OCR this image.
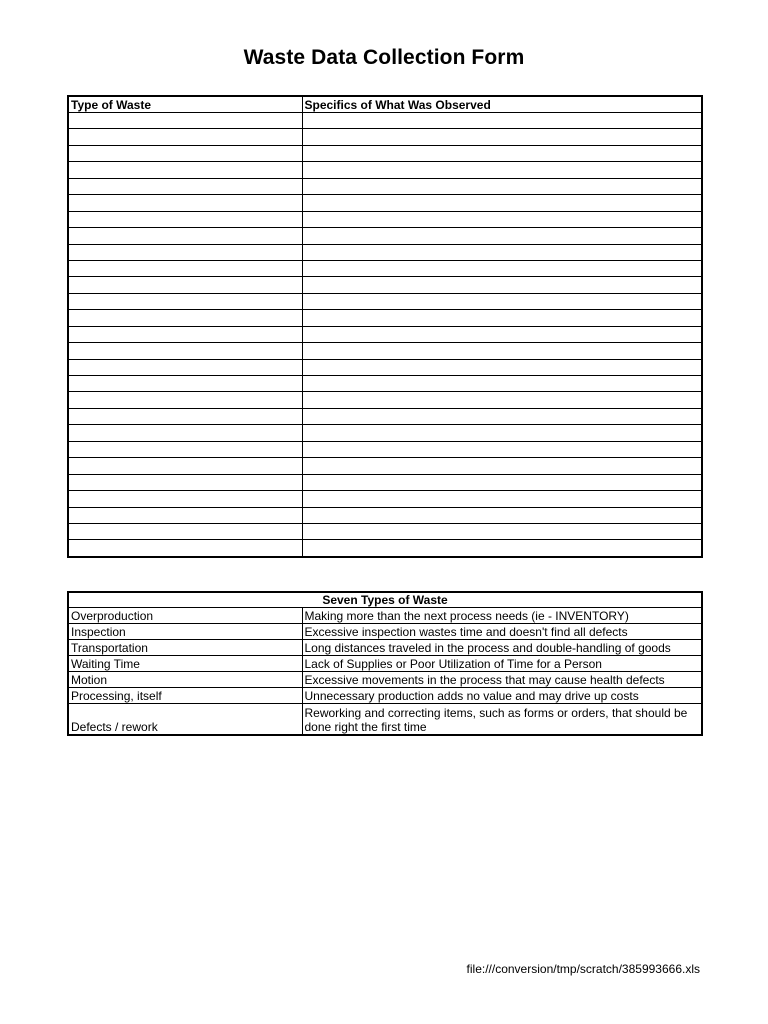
Waste Data Collection Form
Type of Waste	Specifics of What Was Observed

Seven Types of Waste	
Overproduction	Making more than the next process needs (ie - INVENTORY)
Inspection	Excessive inspection wastes time and doesn't find all defects
Transportation	Long distances traveled in the process and double-handling of goods
Waiting Time	Lack of Supplies or Poor Utilization of Time for a Person
Motion	Excessive movements in the process that may cause health defects
Processing, itself	Unnecessary production adds no value and may drive up costs
Defects / rework	Reworking and correcting items, such as forms or orders, that should be done right the first time
file:///conversion/tmp/scratch/385993666.xls
